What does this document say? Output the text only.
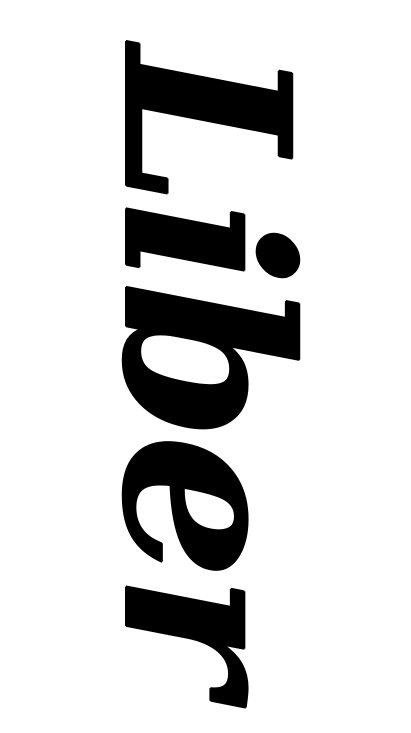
Liber
